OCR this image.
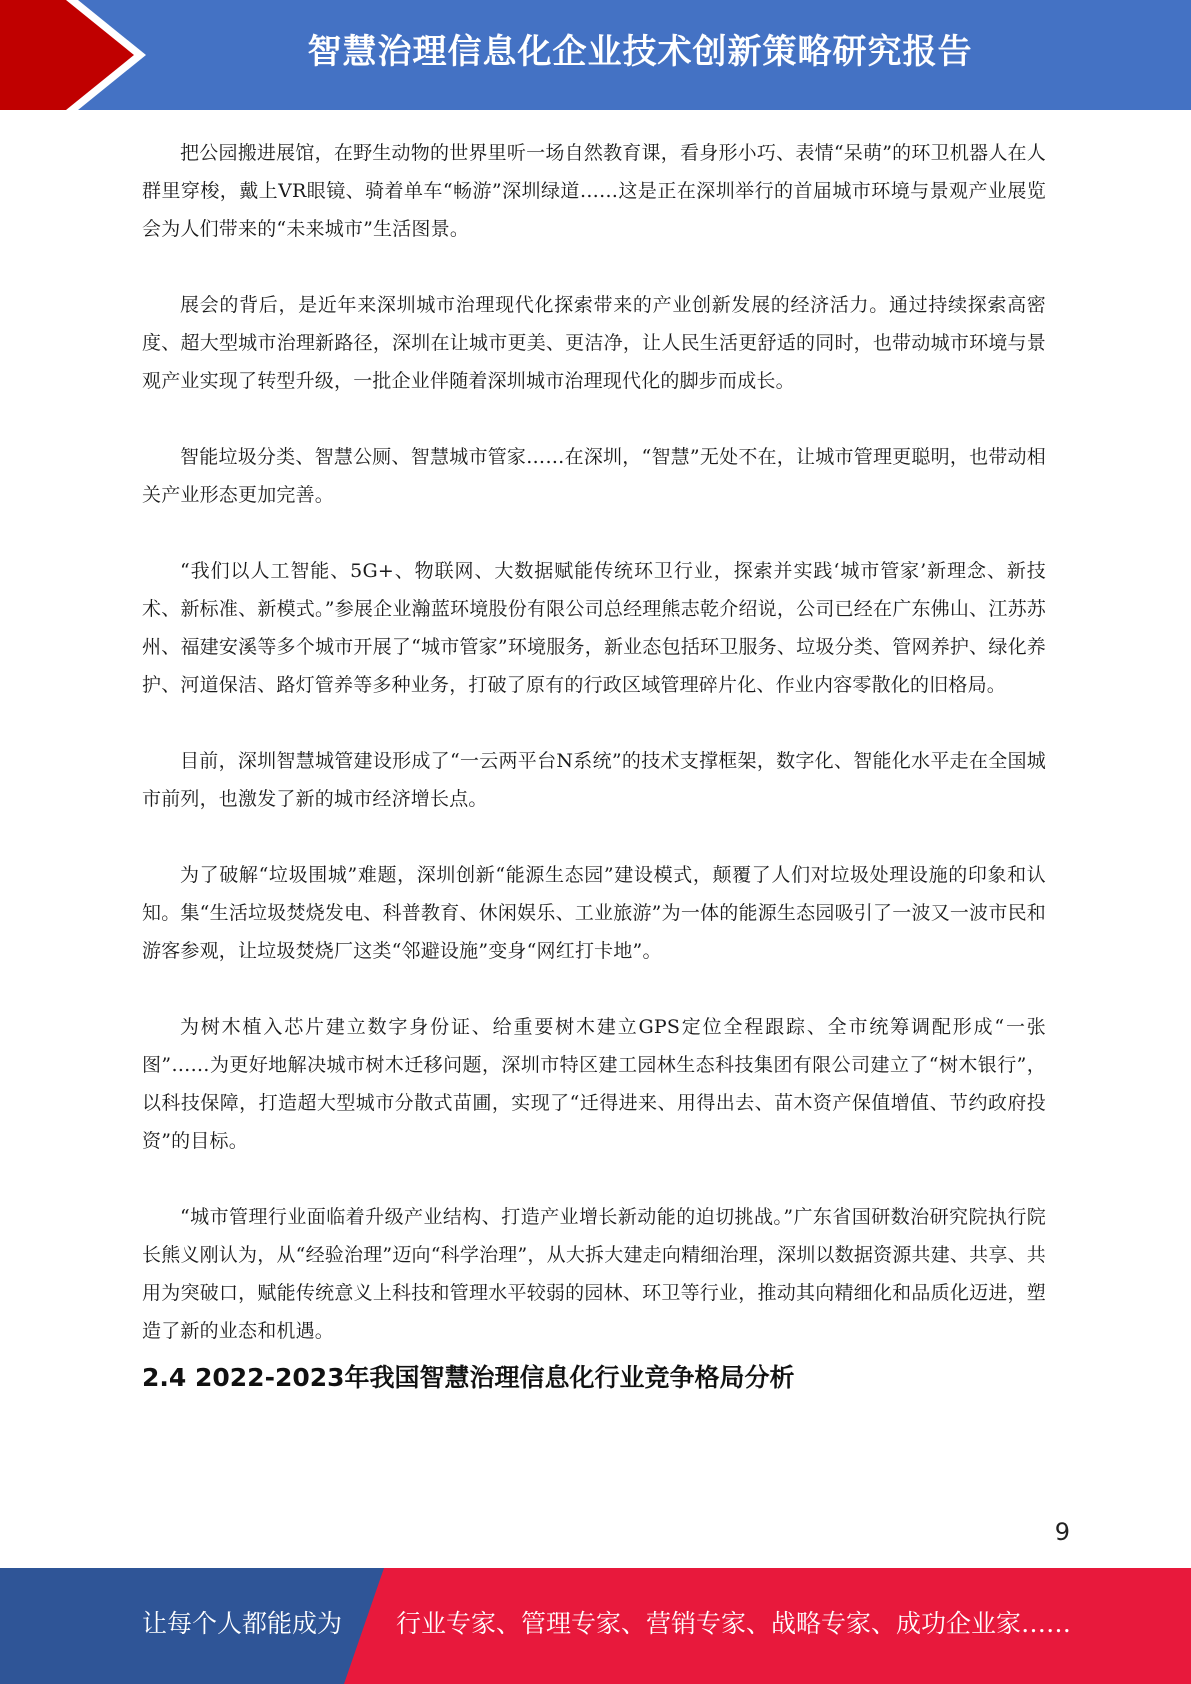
智慧治理信息化企业技术创新策略研究报告

把公园搬进展馆，在野生动物的世界里听一场自然教育课，看身形小巧、表情“呆萌”的环卫机器人在人群里穿梭，戴上VR眼镜、骑着单车“畅游”深圳绿道……这是正在深圳举行的首届城市环境与景观产业展览会为人们带来的“未来城市”生活图景。

展会的背后，是近年来深圳城市治理现代化探索带来的产业创新发展的经济活力。通过持续探索高密度、超大型城市治理新路径，深圳在让城市更美、更洁净，让人民生活更舒适的同时，也带动城市环境与景观产业实现了转型升级，一批企业伴随着深圳城市治理现代化的脚步而成长。

智能垃圾分类、智慧公厕、智慧城市管家……在深圳，“智慧”无处不在，让城市管理更聪明，也带动相关产业形态更加完善。

“我们以人工智能、5G+、物联网、大数据赋能传统环卫行业，探索并实践‘城市管家’新理念、新技术、新标准、新模式。”参展企业瀚蓝环境股份有限公司总经理熊志乾介绍说，公司已经在广东佛山、江苏苏州、福建安溪等多个城市开展了“城市管家”环境服务，新业态包括环卫服务、垃圾分类、管网养护、绿化养护、河道保洁、路灯管养等多种业务，打破了原有的行政区域管理碎片化、作业内容零散化的旧格局。

目前，深圳智慧城管建设形成了“一云两平台N系统”的技术支撑框架，数字化、智能化水平走在全国城市前列，也激发了新的城市经济增长点。

为了破解“垃圾围城”难题，深圳创新“能源生态园”建设模式，颠覆了人们对垃圾处理设施的印象和认知。集“生活垃圾焚烧发电、科普教育、休闲娱乐、工业旅游”为一体的能源生态园吸引了一波又一波市民和游客参观，让垃圾焚烧厂这类“邻避设施”变身“网红打卡地”。

为树木植入芯片建立数字身份证、给重要树木建立GPS定位全程跟踪、全市统筹调配形成“一张图”……为更好地解决城市树木迁移问题，深圳市特区建工园林生态科技集团有限公司建立了“树木银行”，以科技保障，打造超大型城市分散式苗圃，实现了“迁得进来、用得出去、苗木资产保值增值、节约政府投资”的目标。

“城市管理行业面临着升级产业结构、打造产业增长新动能的迫切挑战。”广东省国研数治研究院执行院长熊义刚认为，从“经验治理”迈向“科学治理”，从大拆大建走向精细治理，深圳以数据资源共建、共享、共用为突破口，赋能传统意义上科技和管理水平较弱的园林、环卫等行业，推动其向精细化和品质化迈进，塑造了新的业态和机遇。

2.4 2022-2023年我国智慧治理信息化行业竞争格局分析
9
让每个人都能成为 行业专家、管理专家、营销专家、战略专家、成功企业家……
